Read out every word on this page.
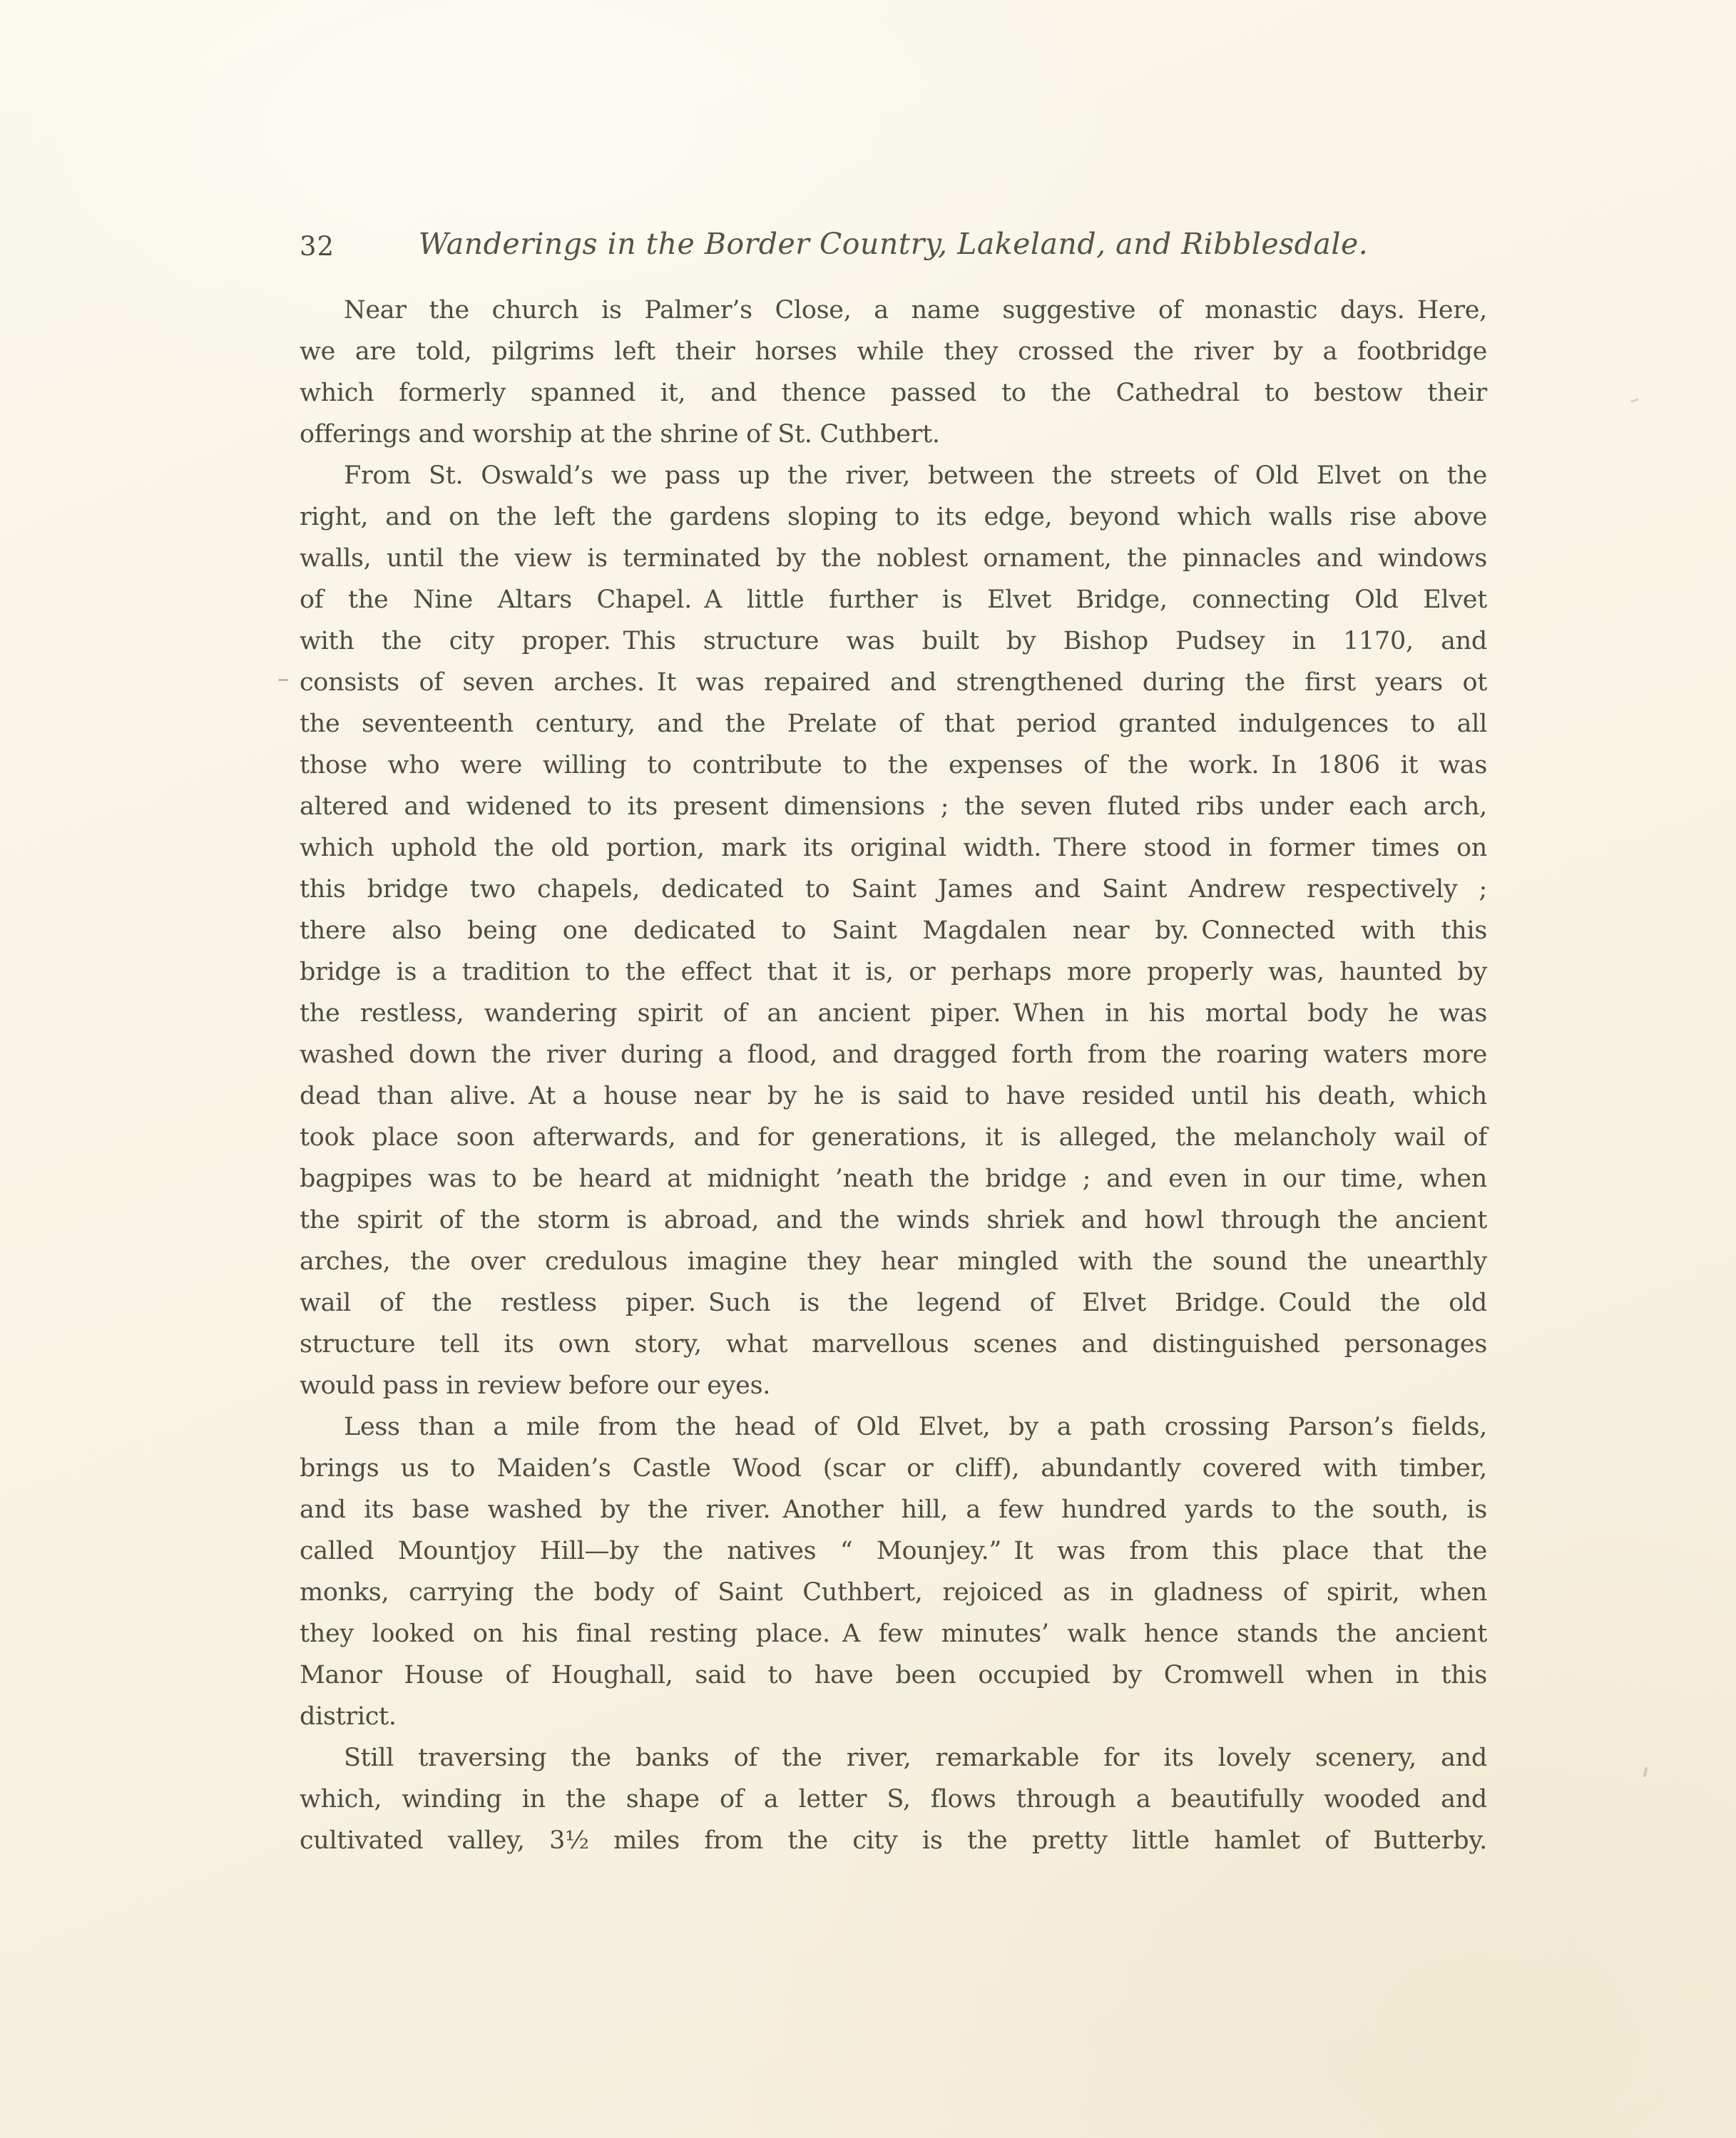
32	Wanderings in the Border Country, Lakeland, and Ribblesdale.
Near the church is Palmer’s Close, a name suggestive of monastic days. Here,
we are told, pilgrims left their horses while they crossed the river by a footbridge
which formerly spanned it, and thence passed to the Cathedral to bestow their
offerings and worship at the shrine of St. Cuthbert.
From St. Oswald’s we pass up the river, between the streets of Old Elvet on the
right, and on the left the gardens sloping to its edge, beyond which walls rise above
walls, until the view is terminated by the noblest ornament, the pinnacles and windows
of the Nine Altars Chapel. A little further is Elvet Bridge, connecting Old Elvet
with the city proper. This structure was built by Bishop Pudsey in 1170, and
consists of seven arches. It was repaired and strengthened during the first years ot
the seventeenth century, and the Prelate of that period granted indulgences to all
those who were willing to contribute to the expenses of the work. In 1806 it was
altered and widened to its present dimensions ; the seven fluted ribs under each arch,
which uphold the old portion, mark its original width. There stood in former times on
this bridge two chapels, dedicated to Saint James and Saint Andrew respectively ;
there also being one dedicated to Saint Magdalen near by. Connected with this
bridge is a tradition to the effect that it is, or perhaps more properly was, haunted by
the restless, wandering spirit of an ancient piper. When in his mortal body he was
washed down the river during a flood, and dragged forth from the roaring waters more
dead than alive. At a house near by he is said to have resided until his death, which
took place soon afterwards, and for generations, it is alleged, the melancholy wail of
bagpipes was to be heard at midnight ’neath the bridge ; and even in our time, when
the spirit of the storm is abroad, and the winds shriek and howl through the ancient
arches, the over credulous imagine they hear mingled with the sound the unearthly
wail of the restless piper. Such is the legend of Elvet Bridge. Could the old
structure tell its own story, what marvellous scenes and distinguished personages
would pass in review before our eyes.
Less than a mile from the head of Old Elvet, by a path crossing Parson’s fields,
brings us to Maiden’s Castle Wood (scar or cliff), abundantly covered with timber,
and its base washed by the river. Another hill, a few hundred yards to the south, is
called Mountjoy Hill—by the natives “ Mounjey.” It was from this place that the
monks, carrying the body of Saint Cuthbert, rejoiced as in gladness of spirit, when
they looked on his final resting place. A few minutes’ walk hence stands the ancient
Manor House of Houghall, said to have been occupied by Cromwell when in this
district.
Still traversing the banks of the river, remarkable for its lovely scenery, and
which, winding in the shape of a letter S, flows through a beautifully wooded and
cultivated valley, 3½ miles from the city is the pretty little hamlet of Butterby.
